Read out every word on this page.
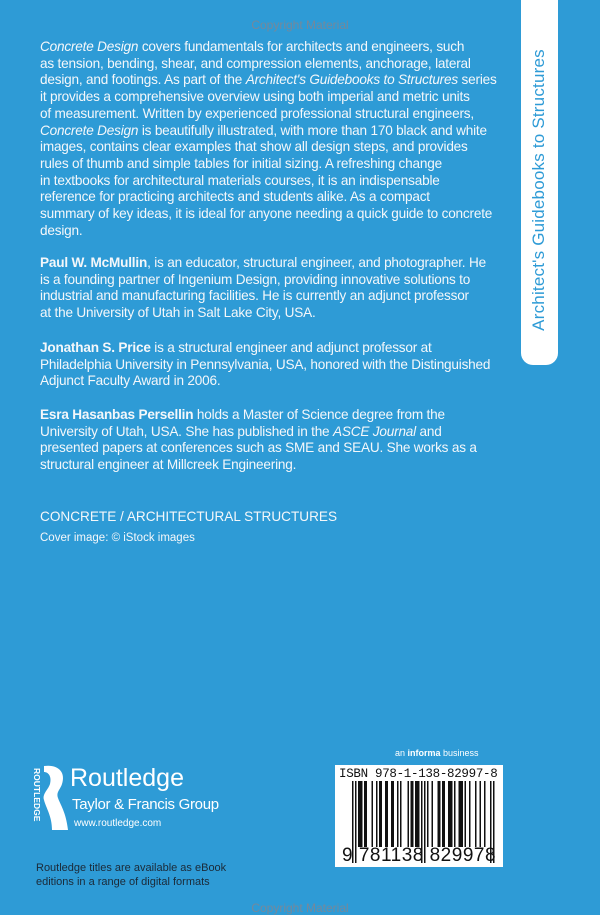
Copyright Material
Architect's Guidebooks to Structures
Concrete Design covers fundamentals for architects and engineers, such
as tension, bending, shear, and compression elements, anchorage, lateral
design, and footings. As part of the Architect's Guidebooks to Structures series
it provides a comprehensive overview using both imperial and metric units
of measurement. Written by experienced professional structural engineers,
Concrete Design is beautifully illustrated, with more than 170 black and white
images, contains clear examples that show all design steps, and provides
rules of thumb and simple tables for initial sizing. A refreshing change
in textbooks for architectural materials courses, it is an indispensable
reference for practicing architects and students alike. As a compact
summary of key ideas, it is ideal for anyone needing a quick guide to concrete
design.
Paul W. McMullin, is an educator, structural engineer, and photographer. He
is a founding partner of Ingenium Design, providing innovative solutions to
industrial and manufacturing facilities. He is currently an adjunct professor
at the University of Utah in Salt Lake City, USA.
Jonathan S. Price is a structural engineer and adjunct professor at
Philadelphia University in Pennsylvania, USA, honored with the Distinguished
Adjunct Faculty Award in 2006.
Esra Hasanbas Persellin holds a Master of Science degree from the
University of Utah, USA. She has published in the ASCE Journal and
presented papers at conferences such as SME and SEAU. She works as a
structural engineer at Millcreek Engineering.
CONCRETE / ARCHITECTURAL STRUCTURES
Cover image: © iStock images
ROUTLEDGE Routledge
Taylor & Francis Group
www.routledge.com
Routledge titles are available as eBook
editions in a range of digital formats
an informa business
ISBN 978-1-138-82997-8
9 781138 829978
Copyright Material
